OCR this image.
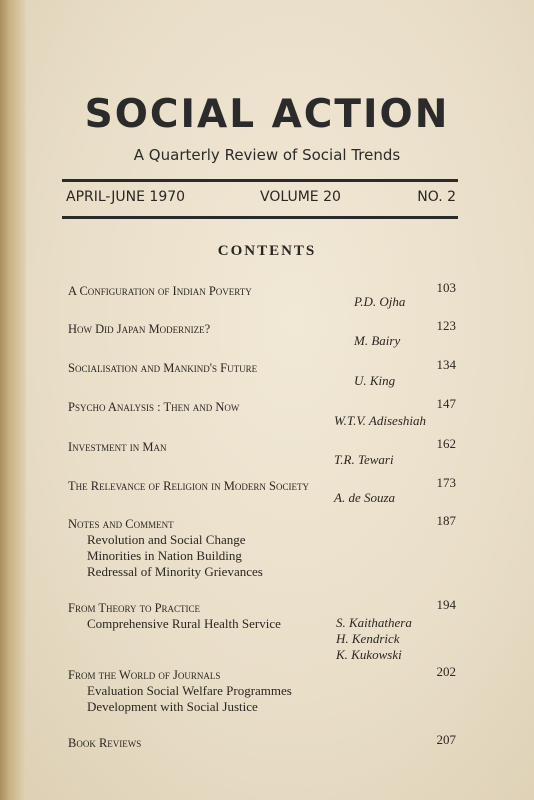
SOCIAL ACTION
A Quarterly Review of Social Trends
APRIL-JUNE 1970	VOLUME 20	NO. 2
CONTENTS
A Configuration of Indian Poverty	103
P.D. Ojha
How Did Japan Modernize?	123
M. Bairy
Socialisation and Mankind's Future	134
U. King
Psycho Analysis : Then and Now	147
W.T.V. Adiseshiah
Investment in Man	162
T.R. Tewari
The Relevance of Religion in Modern Society	173
A. de Souza
Notes and Comment	187
Revolution and Social Change
Minorities in Nation Building
Redressal of Minority Grievances
From Theory to Practice	194
Comprehensive Rural Health Service	S. Kaithathera
H. Kendrick
K. Kukowski
From the World of Journals	202
Evaluation Social Welfare Programmes
Development with Social Justice
Book Reviews	207
